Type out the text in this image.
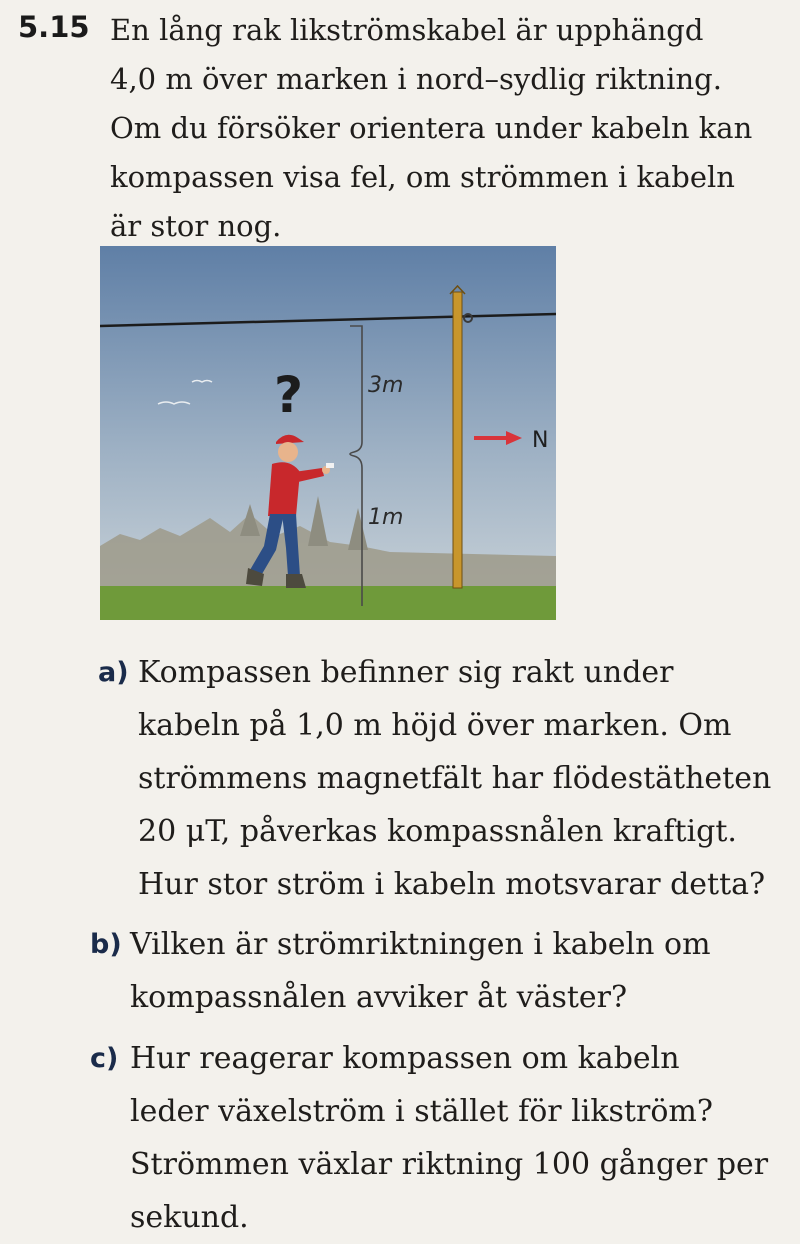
5.15 En lång rak likströmskabel är upphängd
4,0 m över marken i nord–sydlig riktning.
Om du försöker orientera under kabeln kan
kompassen visa fel, om strömmen i kabeln
är stor nog.
N
3m
1m
?
a) Kompassen befinner sig rakt under
kabeln på 1,0 m höjd över marken. Om
strömmens magnetfält har flödestätheten
20 μT, påverkas kompassnålen kraftigt.
Hur stor ström i kabeln motsvarar detta?
b) Vilken är strömriktningen i kabeln om
kompassnålen avviker åt väster?
c) Hur reagerar kompassen om kabeln
leder växelström i stället för likström?
Strömmen växlar riktning 100 gånger per
sekund.
